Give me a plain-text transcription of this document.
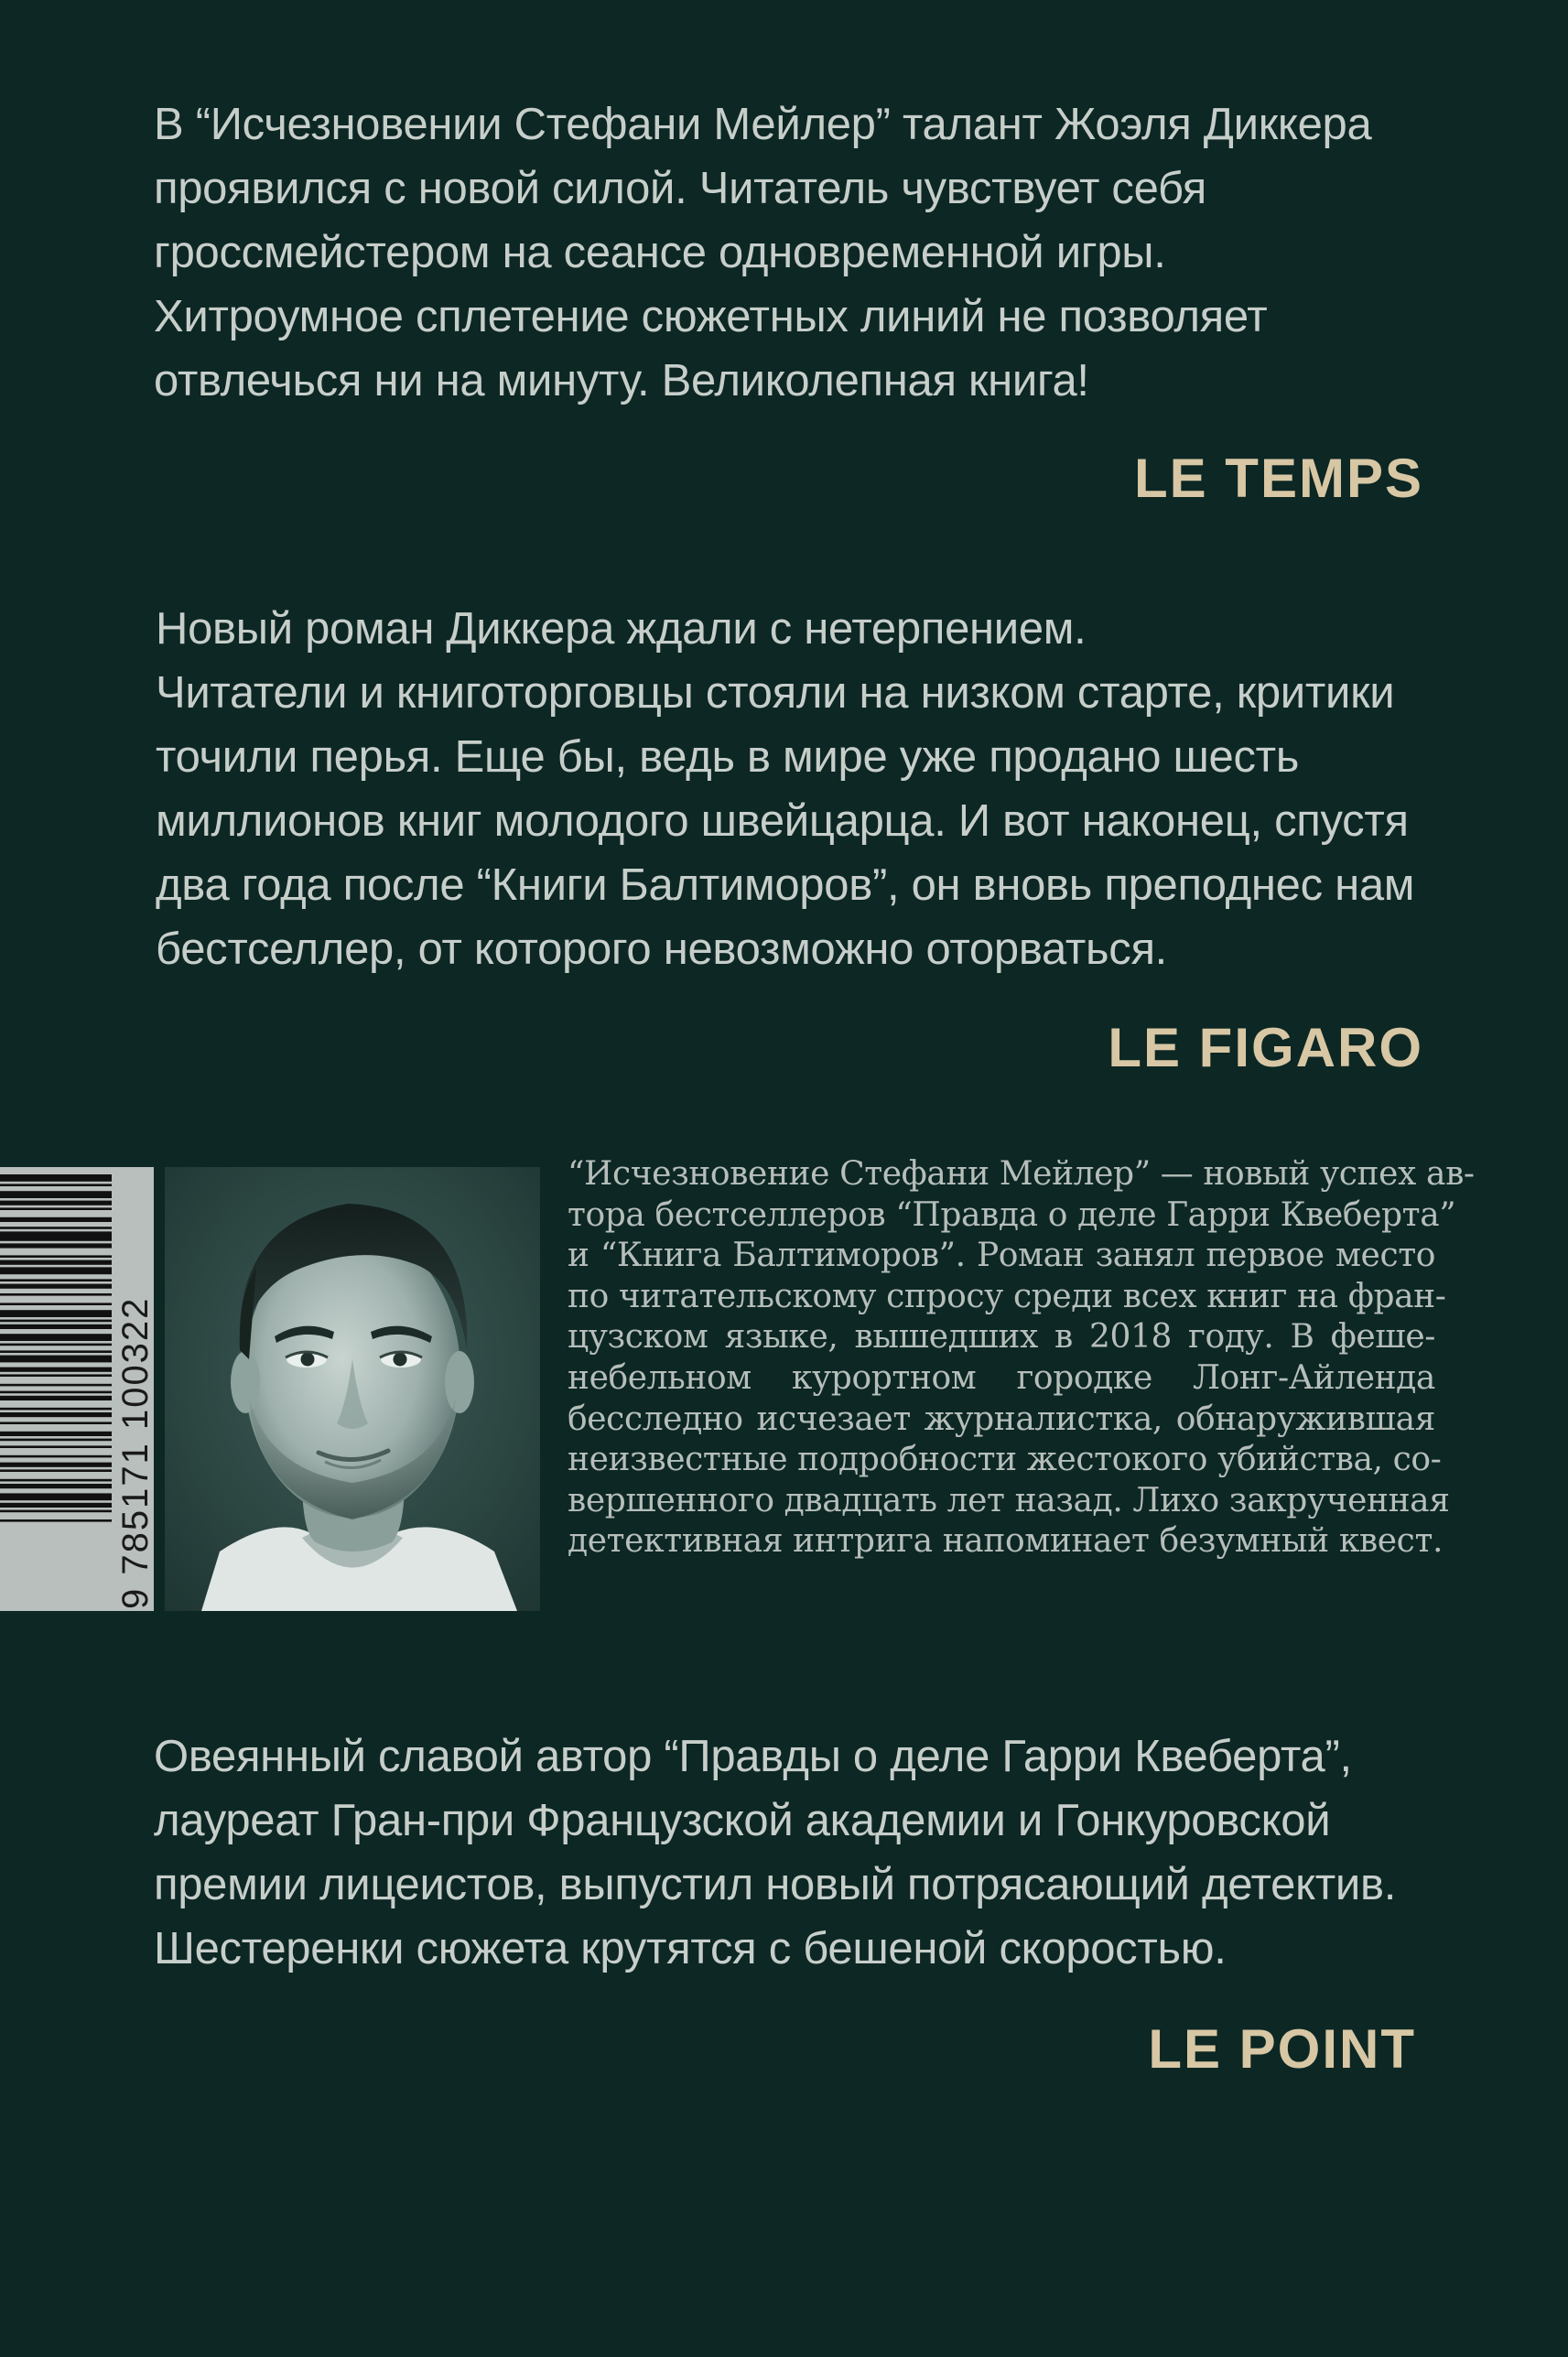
В “Исчезновении Стефани Мейлер” талант Жоэля Диккера
проявился с новой силой. Читатель чувствует себя
гроссмейстером на сеансе одновременной игры.
Хитроумное сплетение сюжетных линий не позволяет
отвлечься ни на минуту. Великолепная книга!
LE TEMPS
Новый роман Диккера ждали с нетерпением.
Читатели и книготорговцы стояли на низком старте, критики
точили перья. Еще бы, ведь в мире уже продано шесть
миллионов книг молодого швейцарца. И вот наконец, спустя
два года после “Книги Балтиморов”, он вновь преподнес нам
бестселлер, от которого невозможно оторваться.
LE FIGARO
9 785171 100322
“Исчезновение Стефани Мейлер” — новый успех ав-
тора бестселлеров “Правда о деле Гарри Квеберта”
и “Книга Балтиморов”. Роман занял первое место
по читательскому спросу среди всех книг на фран-
цузском языке, вышедших в 2018 году. В феше-
небельном курортном городке Лонг-Айленда
бесследно исчезает журналистка, обнаружившая
неизвестные подробности жестокого убийства, со-
вершенного двадцать лет назад. Лихо закрученная
детективная интрига напоминает безумный квест.
Овеянный славой автор “Правды о деле Гарри Квеберта”,
лауреат Гран-при Французской академии и Гонкуровской
премии лицеистов, выпустил новый потрясающий детектив.
Шестеренки сюжета крутятся с бешеной скоростью.
LE POINT
